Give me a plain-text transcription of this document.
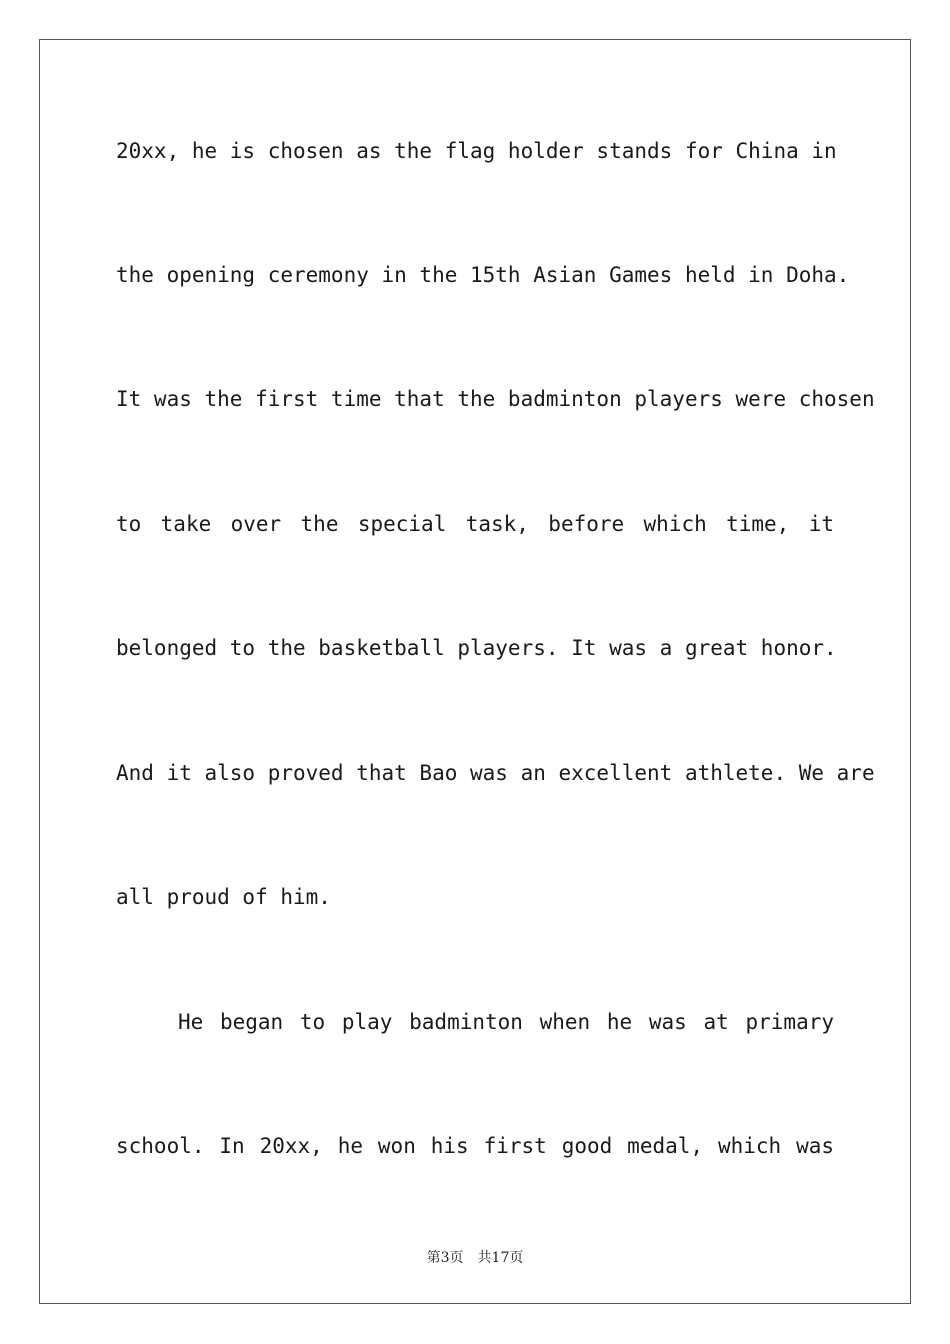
20xx, he is chosen as the flag holder stands for China in
the opening ceremony in the 15th Asian Games held in Doha.
It was the first time that the badminton players were chosen
to take over the special task, before which time, it
belonged to the basketball players. It was a great honor.
And it also proved that Bao was an excellent athlete. We are
all proud of him.
He began to play badminton when he was at primary
school. In 20xx, he won his first good medal, which was
第3页　共17页
